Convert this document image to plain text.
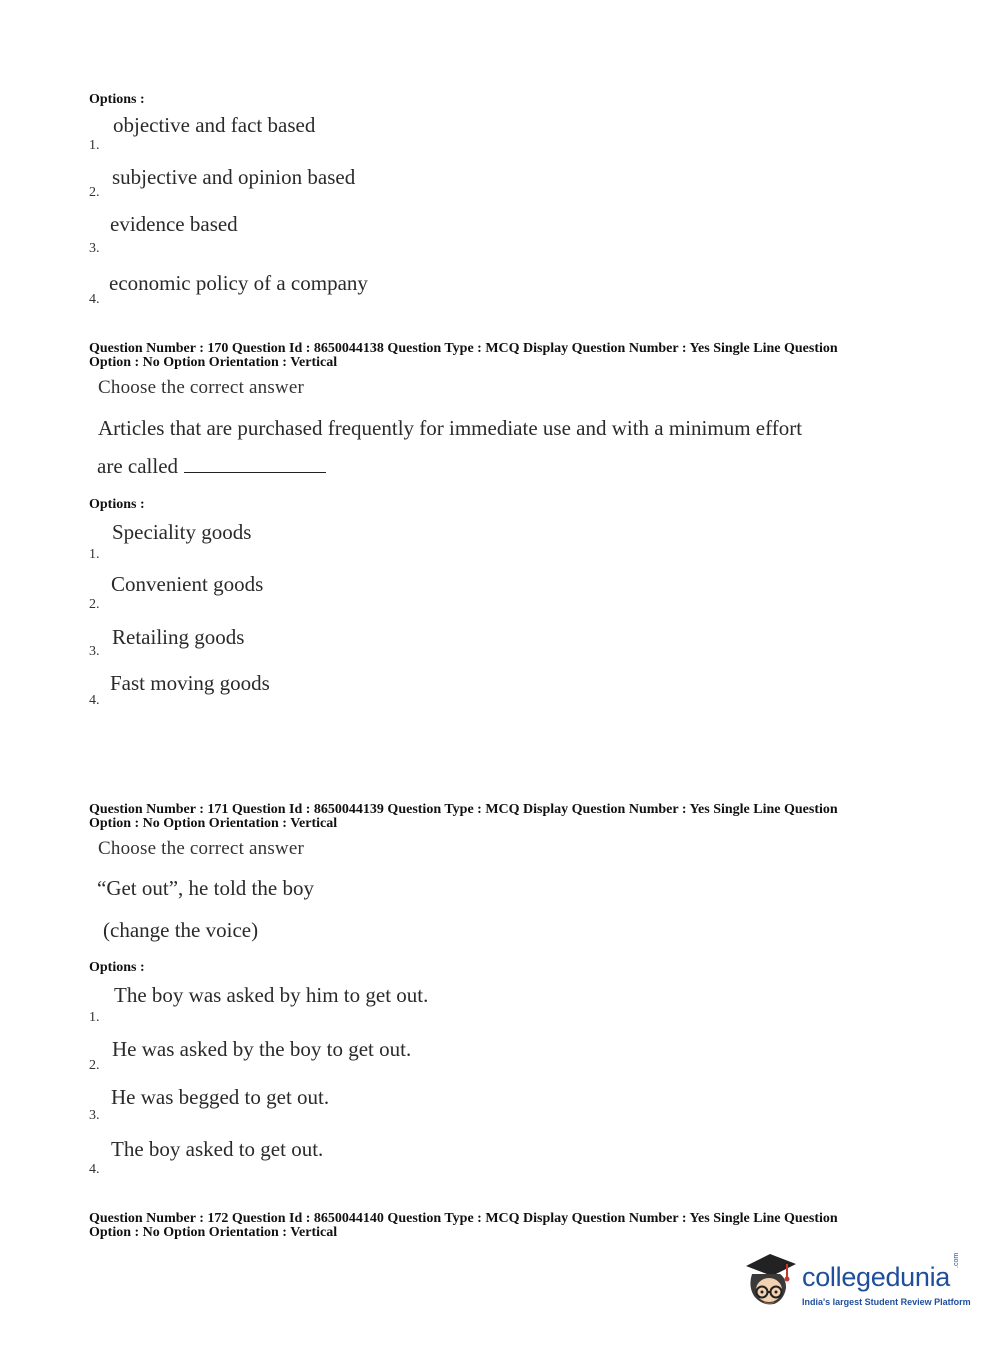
Options :
objective and fact based
1.
subjective and opinion based
2.
evidence based
3.
economic policy of a company
4.
Question Number : 170 Question Id : 8650044138 Question Type : MCQ Display Question Number : Yes Single Line Question
Option : No Option Orientation : Vertical
Choose the correct answer
Articles that are purchased frequently for immediate use and with a minimum effort
are called
Options :
Speciality goods
1.
Convenient goods
2.
Retailing goods
3.
Fast moving goods
4.
Question Number : 171 Question Id : 8650044139 Question Type : MCQ Display Question Number : Yes Single Line Question
Option : No Option Orientation : Vertical
Choose the correct answer
“Get out”, he told the boy
(change the voice)
Options :
The boy was asked by him to get out.
1.
He was asked by the boy to get out.
2.
He was begged to get out.
3.
The boy asked to get out.
4.
Question Number : 172 Question Id : 8650044140 Question Type : MCQ Display Question Number : Yes Single Line Question
Option : No Option Orientation : Vertical
collegedunia
.com
India's largest Student Review Platform
